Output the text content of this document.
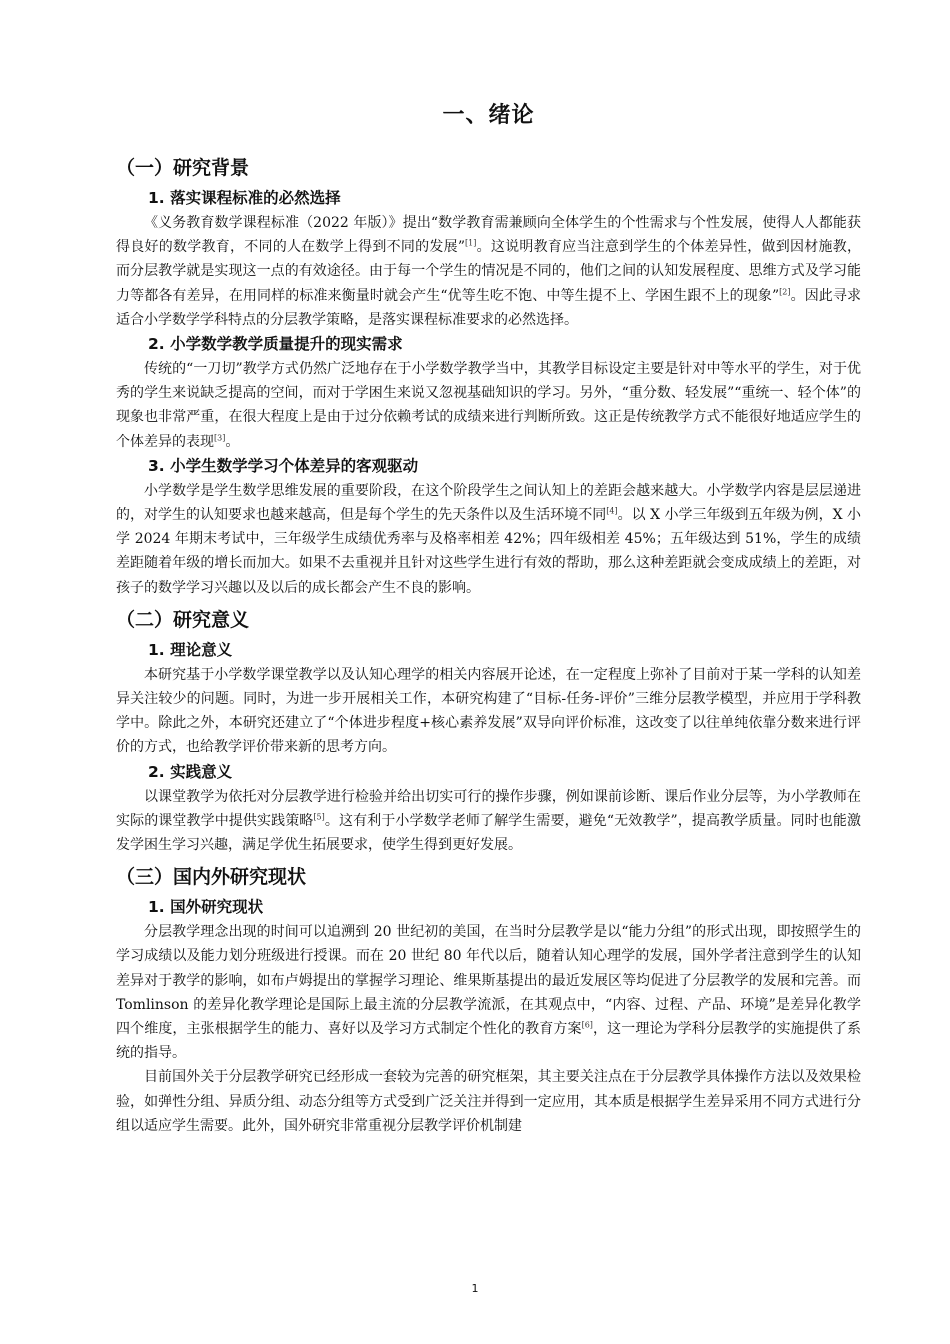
一、绪论
（一）研究背景
1. 落实课程标准的必然选择

《义务教育数学课程标准（2022 年版）》提出“数学教育需兼顾向全体学生的个性需求与个性发展，使得人人都能获得良好的数学教育，不同的人在数学上得到不同的发展”[1]。这说明教育应当注意到学生的个体差异性，做到因材施教，而分层教学就是实现这一点的有效途径。由于每一个学生的情况是不同的，他们之间的认知发展程度、思维方式及学习能力等都各有差异，在用同样的标准来衡量时就会产生“优等生吃不饱、中等生提不上、学困生跟不上的现象”[2]。因此寻求适合小学数学学科特点的分层教学策略，是落实课程标准要求的必然选择。

2. 小学数学教学质量提升的现实需求

传统的“一刀切”教学方式仍然广泛地存在于小学数学教学当中，其教学目标设定主要是针对中等水平的学生，对于优秀的学生来说缺乏提高的空间，而对于学困生来说又忽视基础知识的学习。另外，“重分数、轻发展”“重统一、轻个体”的现象也非常严重，在很大程度上是由于过分依赖考试的成绩来进行判断所致。这正是传统教学方式不能很好地适应学生的个体差异的表现[3]。

3. 小学生数学学习个体差异的客观驱动

小学数学是学生数学思维发展的重要阶段，在这个阶段学生之间认知上的差距会越来越大。小学数学内容是层层递进的，对学生的认知要求也越来越高，但是每个学生的先天条件以及生活环境不同[4]。以 X 小学三年级到五年级为例，X 小学 2024 年期末考试中，三年级学生成绩优秀率与及格率相差 42%；四年级相差 45%；五年级达到 51%，学生的成绩差距随着年级的增长而加大。如果不去重视并且针对这些学生进行有效的帮助，那么这种差距就会变成成绩上的差距，对孩子的数学学习兴趣以及以后的成长都会产生不良的影响。

（二）研究意义
1. 理论意义

本研究基于小学数学课堂教学以及认知心理学的相关内容展开论述，在一定程度上弥补了目前对于某一学科的认知差异关注较少的问题。同时，为进一步开展相关工作，本研究构建了“目标-任务-评价”三维分层教学模型，并应用于学科教学中。除此之外，本研究还建立了“个体进步程度+核心素养发展”双导向评价标准，这改变了以往单纯依靠分数来进行评价的方式，也给教学评价带来新的思考方向。

2. 实践意义

以课堂教学为依托对分层教学进行检验并给出切实可行的操作步骤，例如课前诊断、课后作业分层等，为小学教师在实际的课堂教学中提供实践策略[5]。这有利于小学数学老师了解学生需要，避免“无效教学”，提高教学质量。同时也能激发学困生学习兴趣，满足学优生拓展要求，使学生得到更好发展。

（三）国内外研究现状
1. 国外研究现状

分层教学理念出现的时间可以追溯到 20 世纪初的美国，在当时分层教学是以“能力分组”的形式出现，即按照学生的学习成绩以及能力划分班级进行授课。而在 20 世纪 80 年代以后，随着认知心理学的发展，国外学者注意到学生的认知差异对于教学的影响，如布卢姆提出的掌握学习理论、维果斯基提出的最近发展区等均促进了分层教学的发展和完善。而 Tomlinson 的差异化教学理论是国际上最主流的分层教学流派，在其观点中，“内容、过程、产品、环境”是差异化教学四个维度，主张根据学生的能力、喜好以及学习方式制定个性化的教育方案[6]，这一理论为学科分层教学的实施提供了系统的指导。

目前国外关于分层教学研究已经形成一套较为完善的研究框架，其主要关注点在于分层教学具体操作方法以及效果检验，如弹性分组、异质分组、动态分组等方式受到广泛关注并得到一定应用，其本质是根据学生差异采用不同方式进行分组以适应学生需要。此外，国外研究非常重视分层教学评价机制建

1
